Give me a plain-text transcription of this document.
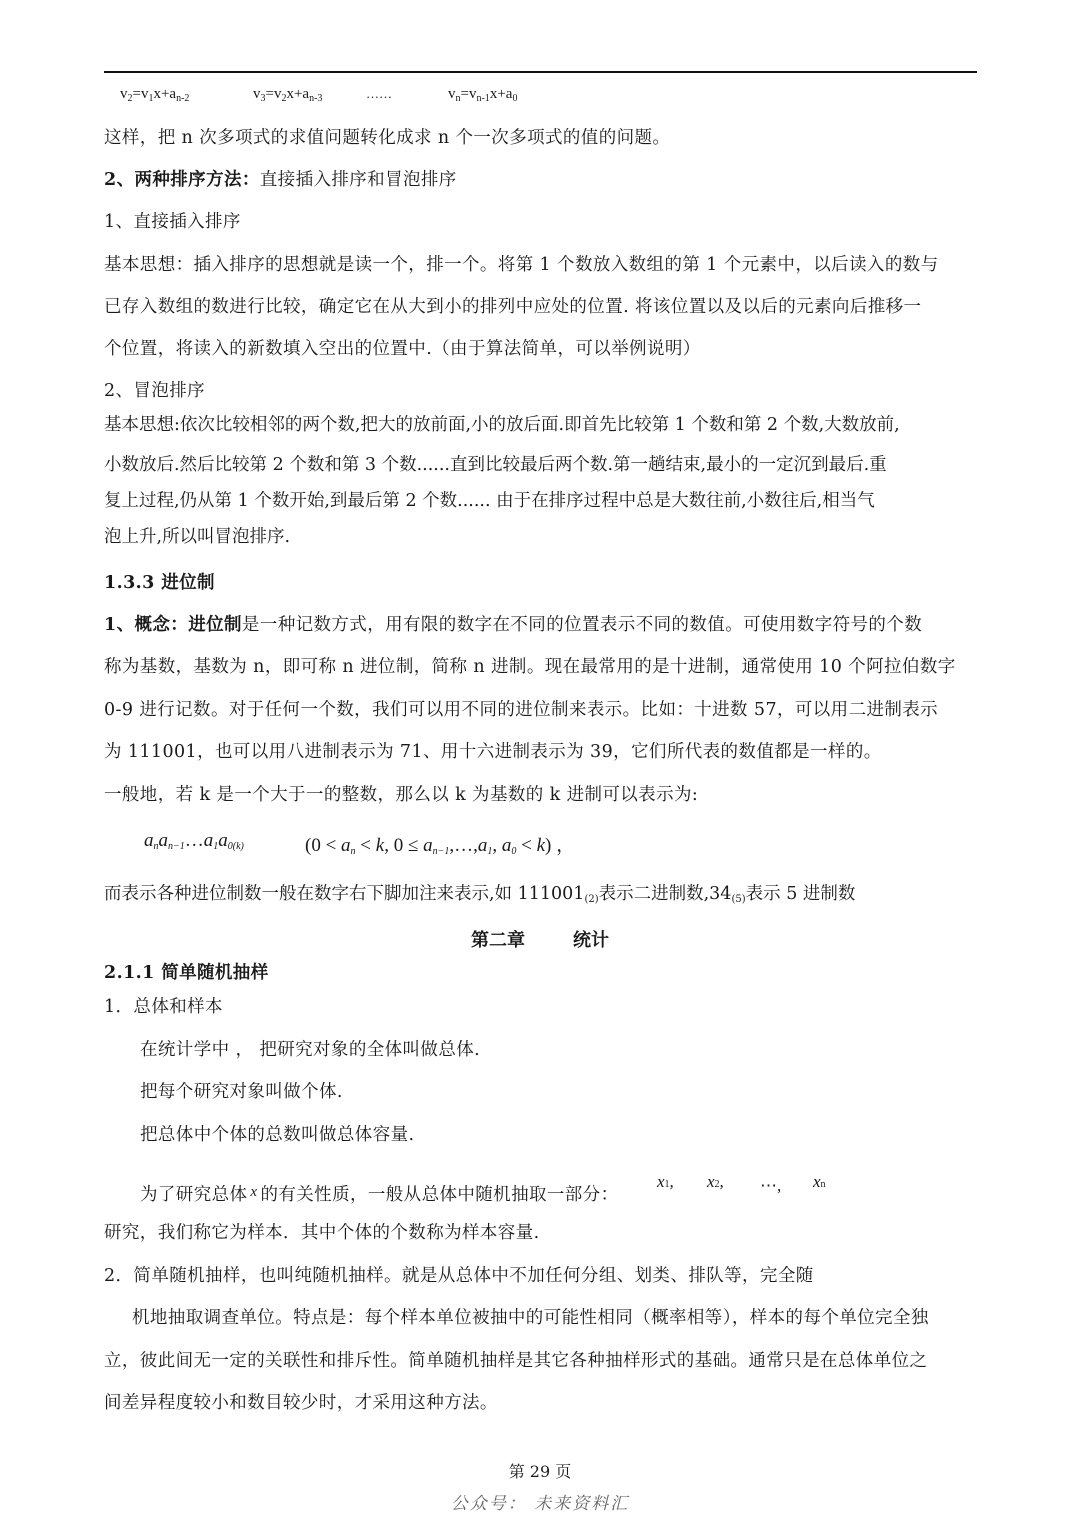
$v_2=v_1x+a_{n-2}$	$v_3=v_2x+a_{n-3}$	……	$v_n=v_{n-1}x+a_0$
这样，把 n 次多项式的求值问题转化成求 n 个一次多项式的值的问题。
2、两种排序方法：直接插入排序和冒泡排序
1、直接插入排序
基本思想：插入排序的思想就是读一个，排一个。将第 1 个数放入数组的第 1 个元素中，以后读入的数与
已存入数组的数进行比较，确定它在从大到小的排列中应处的位置. 将该位置以及以后的元素向后推移一
个位置，将读入的新数填入空出的位置中.（由于算法简单，可以举例说明）
2、冒泡排序
基本思想:依次比较相邻的两个数,把大的放前面,小的放后面.即首先比较第 1 个数和第 2 个数,大数放前,
小数放后.然后比较第 2 个数和第 3 个数......直到比较最后两个数.第一趟结束,最小的一定沉到最后.重
复上过程,仍从第 1 个数开始,到最后第 2 个数...... 由于在排序过程中总是大数往前,小数往后,相当气
泡上升,所以叫冒泡排序.
1.3.3 进位制
1、概念：进位制是一种记数方式，用有限的数字在不同的位置表示不同的数值。可使用数字符号的个数
称为基数，基数为 n，即可称 n 进位制，简称 n 进制。现在最常用的是十进制，通常使用 10 个阿拉伯数字
0-9 进行记数。对于任何一个数，我们可以用不同的进位制来表示。比如：十进数 57，可以用二进制表示
为 111001，也可以用八进制表示为 71、用十六进制表示为 39，它们所代表的数值都是一样的。
一般地，若 k 是一个大于一的整数，那么以 k 为基数的 k 进制可以表示为:
$a_na_{n-1}\dots a_1a_{0(k)}$	($0 < a_n < k$, $0 \le a_{n-1},\dots,a_1$, $a_0 < k$) ，
而表示各种进位制数一般在数字右下脚加注来表示,如 $111001_{(2)}$表示二进制数$,34_{(5)}$表示 5 进制数
第二章	统计
2.1.1 简单随机抽样
1．总体和样本
在统计学中 ， 把研究对象的全体叫做总体.
把每个研究对象叫做个体.
把总体中个体的总数叫做总体容量.
为了研究总体 x 的有关性质，一般从总体中随机抽取一部分：
x1, x2, ⋯, xn
研究，我们称它为样本．其中个体的个数称为样本容量.
2．简单随机抽样，也叫纯随机抽样。就是从总体中不加任何分组、划类、排队等，完全随
机地抽取调查单位。特点是：每个样本单位被抽中的可能性相同（概率相等），样本的每个单位完全独
立，彼此间无一定的关联性和排斥性。简单随机抽样是其它各种抽样形式的基础。通常只是在总体单位之
间差异程度较小和数目较少时，才采用这种方法。
第 29 页
公众号： 未来资料汇
